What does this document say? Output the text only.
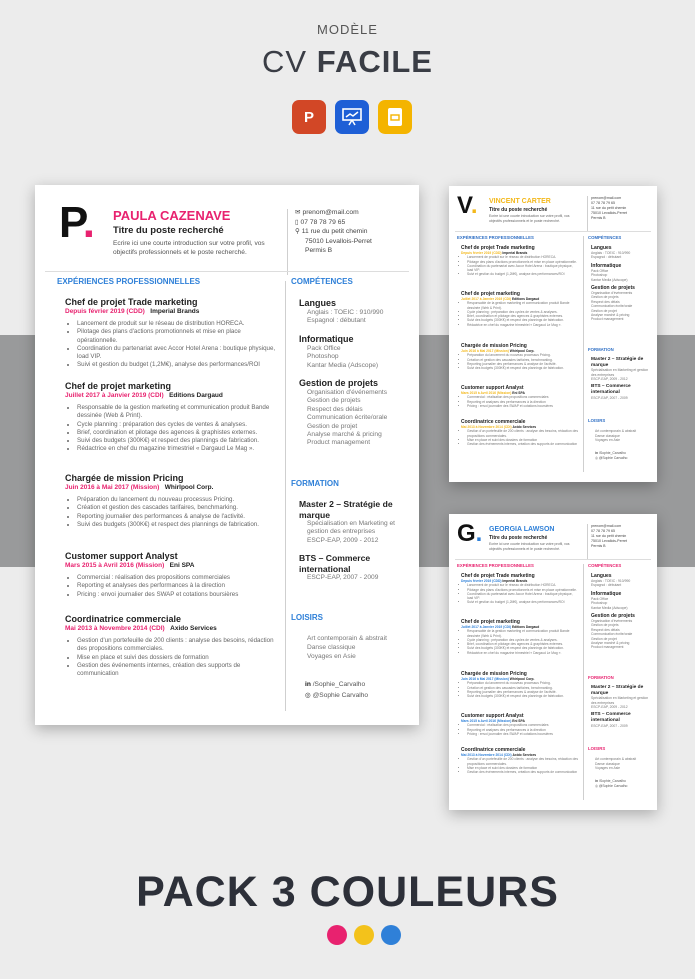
MODÈLE
CV FACILE
P
P. PAULA CAZENAVE
Titre du poste recherché
Ecrire ici une courte introduction sur votre profil, vos objectifs professionnels et le poste recherché.
✉ prenom@mail.com
▯ 07 78 78 79 65
⚲ 11 rue du petit chemin
75010 Levallois-Perret
Permis B
EXPÉRIENCES PROFESSIONNELLES
Chef de projet Trade marketing
Depuis février 2019 (CDD) Imperial Brands
• Lancement de produit sur le réseau de distribution HORECA.
• Pilotage des plans d'actions promotionnels et mise en place opérationnelle.
• Coordination du partenariat avec Accor Hotel Arena : boutique physique, load VIP.
• Suivi et gestion du budget (1,2M€), analyse des performances/ROI
Chef de projet marketing
Juillet 2017 à Janvier 2019 (CDI) Editions Dargaud
• Responsable de la gestion marketing et communication produit Bande dessinée (Web & Print).
• Cycle planning : préparation des cycles de ventes & analyses.
• Brief, coordination et pilotage des agences & graphistes externes.
• Suivi des budgets (300K€) et respect des plannings de fabrication.
• Rédactrice en chef du magazine trimestriel « Dargaud Le Mag ».
Chargée de mission Pricing
Juin 2016 à Mai 2017 (Mission) Whirlpool Corp.
• Préparation du lancement du nouveau processus Pricing.
• Création et gestion des cascades tarifaires, benchmarking.
• Reporting journalier des performances & analyse de l'activité.
• Suivi des budgets (300K€) et respect des plannings de fabrication.
Customer support Analyst
Mars 2015 à Avril 2016 (Mission) Eni SPA
• Commercial : réalisation des propositions commerciales
• Reporting et analyses des performances à la direction
• Pricing : envoi journalier des SWAP et cotations boursières
Coordinatrice commerciale
Mai 2013 à Novembre 2014 (CDI) Axido Services
• Gestion d'un portefeuille de 200 clients : analyse des besoins, rédaction des propositions commerciales.
• Mise en place et suivi des dossiers de formation
• Gestion des événements internes, création des supports de communication
COMPÉTENCES
Langues
Anglais : TOEIC : 910/990
Espagnol : débutant
Informatique
Pack Office
Photoshop
Kantar Media (Adscope)
Gestion de projets
Organisation d'événements
Gestion de projets
Respect des délais
Communication écrite/orale
Gestion de projet
Analyse marché & pricing
Product management
FORMATION
Master 2 – Stratégie de marque
Spécialisation en Marketing et gestion des entreprises
ESCP-EAP, 2009 - 2012
BTS – Commerce international
ESCP-EAP, 2007 - 2009
LOISIRS
Art contemporain & abstrait
Danse classique
Voyages en Asie
in /Sophie_Carvalho
◎ @Sophie Carvalho
V. VINCENT CARTER
Titre du poste recherché
Ecrire ici une courte introduction sur votre profil, vos objectifs professionnels et le poste recherché.
prenom@mail.com
07 78 78 79 65
11 rue du petit chemin
75010 Levallois-Perret
Permis B
EXPÉRIENCES PROFESSIONNELLES
Chef de projet Trade marketing
Depuis février 2019 (CDD) Imperial Brands
• Lancement de produit sur le réseau de distribution HORECA.
• Pilotage des plans d'actions promotionnels et mise en place opérationnelle.
• Coordination du partenariat avec Accor Hotel Arena : boutique physique, load VIP.
• Suivi et gestion du budget (1,2M€), analyse des performances/ROI
Chef de projet marketing
Juillet 2017 à Janvier 2019 (CDI) Editions Dargaud
• Responsable de la gestion marketing et communication produit Bande dessinée (Web & Print).
• Cycle planning : préparation des cycles de ventes & analyses.
• Brief, coordination et pilotage des agences & graphistes externes.
• Suivi des budgets (300K€) et respect des plannings de fabrication.
• Rédactrice en chef du magazine trimestriel « Dargaud Le Mag ».
Chargée de mission Pricing
Juin 2016 à Mai 2017 (Mission) Whirlpool Corp.
• Préparation du lancement du nouveau processus Pricing.
• Création et gestion des cascades tarifaires, benchmarking.
• Reporting journalier des performances & analyse de l'activité.
• Suivi des budgets (300K€) et respect des plannings de fabrication.
Customer support Analyst
Mars 2015 à Avril 2016 (Mission) Eni SPA
• Commercial : réalisation des propositions commerciales
• Reporting et analyses des performances à la direction
• Pricing : envoi journalier des SWAP et cotations boursières
Coordinatrice commerciale
Mai 2013 à Novembre 2014 (CDI) Axido Services
• Gestion d'un portefeuille de 200 clients : analyse des besoins, rédaction des propositions commerciales.
• Mise en place et suivi des dossiers de formation
• Gestion des événements internes, création des supports de communication
COMPÉTENCES
Langues
Anglais : TOEIC : 910/990
Espagnol : débutant
Informatique
Pack Office
Photoshop
Kantar Media (Adscope)
Gestion de projets
Organisation d'événements
Gestion de projets
Respect des délais
Communication écrite/orale
Gestion de projet
Analyse marché & pricing
Product management
FORMATION
Master 2 – Stratégie de marque
Spécialisation en Marketing et gestion des entreprises
ESCP-EAP, 2009 - 2012
BTS – Commerce international
ESCP-EAP, 2007 - 2009
LOISIRS
Art contemporain & abstrait
Danse classique
Voyages en Asie
in /Sophie_Carvalho
◎ @Sophie Carvalho
G. GEORGIA LAWSON
Titre du poste recherché
Ecrire ici une courte introduction sur votre profil, vos objectifs professionnels et le poste recherché.
prenom@mail.com
07 78 78 79 65
11 rue du petit chemin
75010 Levallois-Perret
Permis B
EXPÉRIENCES PROFESSIONNELLES
Chef de projet Trade marketing
Depuis février 2019 (CDD) Imperial Brands
• Lancement de produit sur le réseau de distribution HORECA.
• Pilotage des plans d'actions promotionnels et mise en place opérationnelle.
• Coordination du partenariat avec Accor Hotel Arena : boutique physique, load VIP.
• Suivi et gestion du budget (1,2M€), analyse des performances/ROI
Chef de projet marketing
Juillet 2017 à Janvier 2019 (CDI) Editions Dargaud
• Responsable de la gestion marketing et communication produit Bande dessinée (Web & Print).
• Cycle planning : préparation des cycles de ventes & analyses.
• Brief, coordination et pilotage des agences & graphistes externes.
• Suivi des budgets (300K€) et respect des plannings de fabrication.
• Rédactrice en chef du magazine trimestriel « Dargaud Le Mag ».
Chargée de mission Pricing
Juin 2016 à Mai 2017 (Mission) Whirlpool Corp.
• Préparation du lancement du nouveau processus Pricing.
• Création et gestion des cascades tarifaires, benchmarking.
• Reporting journalier des performances & analyse de l'activité.
• Suivi des budgets (300K€) et respect des plannings de fabrication.
Customer support Analyst
Mars 2015 à Avril 2016 (Mission) Eni SPA
• Commercial : réalisation des propositions commerciales
• Reporting et analyses des performances à la direction
• Pricing : envoi journalier des SWAP et cotations boursières
Coordinatrice commerciale
Mai 2013 à Novembre 2014 (CDI) Axido Services
• Gestion d'un portefeuille de 200 clients : analyse des besoins, rédaction des propositions commerciales.
• Mise en place et suivi des dossiers de formation
• Gestion des événements internes, création des supports de communication
COMPÉTENCES
Langues
Anglais : TOEIC : 910/990
Espagnol : débutant
Informatique
Pack Office
Photoshop
Kantar Media (Adscope)
Gestion de projets
Organisation d'événements
Gestion de projets
Respect des délais
Communication écrite/orale
Gestion de projet
Analyse marché & pricing
Product management
FORMATION
Master 2 – Stratégie de marque
Spécialisation en Marketing et gestion des entreprises
ESCP-EAP, 2009 - 2012
BTS – Commerce international
ESCP-EAP, 2007 - 2009
LOISIRS
Art contemporain & abstrait
Danse classique
Voyages en Asie
in /Sophie_Carvalho
◎ @Sophie Carvalho
PACK 3 COULEURS
